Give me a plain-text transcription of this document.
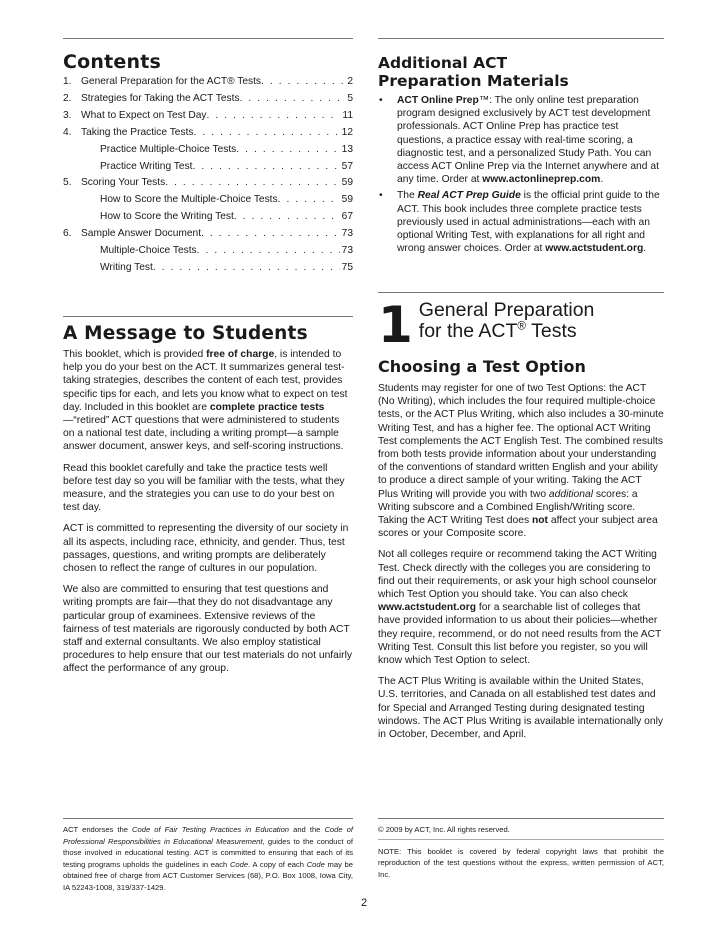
Contents
1. General Preparation for the ACT® Tests . . .	2
2. Strategies for Taking the ACT Tests . . .	5
3. What to Expect on Test Day . . .	11
4. Taking the Practice Tests . . .	12
Practice Multiple-Choice Tests . . .	13
Practice Writing Test . . .	57
5. Scoring Your Tests . . .	59
How to Score the Multiple-Choice Tests . . .	59
How to Score the Writing Test . . .	67
6. Sample Answer Document . . .	73
Multiple-Choice Tests . . .	73
Writing Test . . .	75
Additional ACT
Preparation Materials
• ACT Online Prep™: The only online test preparation program designed exclusively by ACT test development professionals. ACT Online Prep has practice test questions, a practice essay with real-time scoring, a diagnostic test, and a personalized Study Path. You can access ACT Online Prep via the Internet anywhere and at any time. Order at www.actonlineprep.com.
• The Real ACT Prep Guide is the official print guide to the ACT. This book includes three complete practice tests previously used in actual administrations—each with an optional Writing Test, with explanations for all right and wrong answer choices. Order at www.actstudent.org.
A Message to Students

This booklet, which is provided free of charge, is intended to help you do your best on the ACT. It summarizes general test-taking strategies, describes the content of each test, provides specific tips for each, and lets you know what to expect on test day. Included in this booklet are complete practice tests—“retired” ACT questions that were administered to students on a national test date, including a writing prompt—a sample answer document, answer keys, and self-scoring instructions.

Read this booklet carefully and take the practice tests well before test day so you will be familiar with the tests, what they measure, and the strategies you can use to do your best on test day.

ACT is committed to representing the diversity of our society in all its aspects, including race, ethnicity, and gender. Thus, test passages, questions, and writing prompts are deliberately chosen to reflect the range of cultures in our population.

We also are committed to ensuring that test questions and writing prompts are fair—that they do not disadvantage any particular group of examinees. Extensive reviews of the fairness of test materials are rigorously conducted by both ACT staff and external consultants. We also employ statistical procedures to help ensure that our test materials do not unfairly affect the performance of any group.

1 General Preparation
for the ACT® Tests
Choosing a Test Option

Students may register for one of two Test Options: the ACT (No Writing), which includes the four required multiple-choice tests, or the ACT Plus Writing, which also includes a 30-minute Writing Test, and has a higher fee. The optional ACT Writing Test complements the ACT English Test. The combined results from both tests provide information about your understanding of the conventions of standard written English and your ability to produce a direct sample of your writing. Taking the ACT Plus Writing will provide you with two additional scores: a Writing subscore and a Combined English/Writing score. Taking the ACT Writing Test does not affect your subject area scores or your Composite score.

Not all colleges require or recommend taking the ACT Writing Test. Check directly with the colleges you are considering to find out their requirements, or ask your high school counselor which Test Option you should take. You can also check www.actstudent.org for a searchable list of colleges that have provided information to us about their policies—whether they require, recommend, or do not need results from the ACT Writing Test. Consult this list before you register, so you will know which Test Option to select.

The ACT Plus Writing is available within the United States, U.S. territories, and Canada on all established test dates and for Special and Arranged Testing during designated testing windows. The ACT Plus Writing is available internationally only in October, December, and April.

ACT endorses the Code of Fair Testing Practices in Education and the Code of Professional Responsibilities in Educational Measurement, guides to the conduct of those involved in educational testing. ACT is committed to ensuring that each of its testing programs upholds the guidelines in each Code. A copy of each Code may be obtained free of charge from ACT Customer Services (68), P.O. Box 1008, Iowa City, IA 52243-1008, 319/337-1429.
© 2009 by ACT, Inc. All rights reserved.
NOTE: This booklet is covered by federal copyright laws that prohibit the reproduction of the test questions without the express, written permission of ACT, Inc.
2
